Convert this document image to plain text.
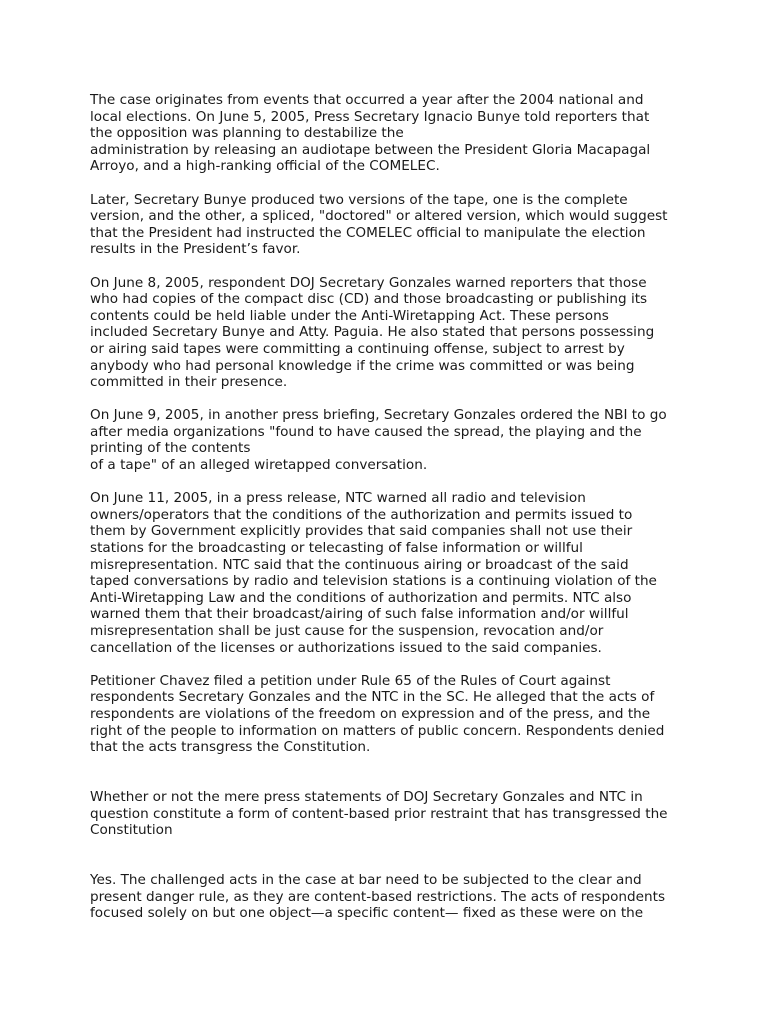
The case originates from events that occurred a year after the 2004 national and
local elections. On June 5, 2005, Press Secretary Ignacio Bunye told reporters that
the opposition was planning to destabilize the
administration by releasing an audiotape between the President Gloria Macapagal
Arroyo, and a high-ranking official of the COMELEC.
Later, Secretary Bunye produced two versions of the tape, one is the complete
version, and the other, a spliced, "doctored" or altered version, which would suggest
that the President had instructed the COMELEC official to manipulate the election
results in the President’s favor.
On June 8, 2005, respondent DOJ Secretary Gonzales warned reporters that those
who had copies of the compact disc (CD) and those broadcasting or publishing its
contents could be held liable under the Anti-Wiretapping Act. These persons
included Secretary Bunye and Atty. Paguia. He also stated that persons possessing
or airing said tapes were committing a continuing offense, subject to arrest by
anybody who had personal knowledge if the crime was committed or was being
committed in their presence.
On June 9, 2005, in another press briefing, Secretary Gonzales ordered the NBI to go
after media organizations "found to have caused the spread, the playing and the
printing of the contents
of a tape" of an alleged wiretapped conversation.
On June 11, 2005, in a press release, NTC warned all radio and television
owners/operators that the conditions of the authorization and permits issued to
them by Government explicitly provides that said companies shall not use their
stations for the broadcasting or telecasting of false information or willful
misrepresentation. NTC said that the continuous airing or broadcast of the said
taped conversations by radio and television stations is a continuing violation of the
Anti-Wiretapping Law and the conditions of authorization and permits. NTC also
warned them that their broadcast/airing of such false information and/or willful
misrepresentation shall be just cause for the suspension, revocation and/or
cancellation of the licenses or authorizations issued to the said companies.
Petitioner Chavez filed a petition under Rule 65 of the Rules of Court against
respondents Secretary Gonzales and the NTC in the SC. He alleged that the acts of
respondents are violations of the freedom on expression and of the press, and the
right of the people to information on matters of public concern. Respondents denied
that the acts transgress the Constitution.
Whether or not the mere press statements of DOJ Secretary Gonzales and NTC in
question constitute a form of content-based prior restraint that has transgressed the
Constitution
Yes. The challenged acts in the case at bar need to be subjected to the clear and
present danger rule, as they are content-based restrictions. The acts of respondents
focused solely on but one object—a specific content— fixed as these were on the
